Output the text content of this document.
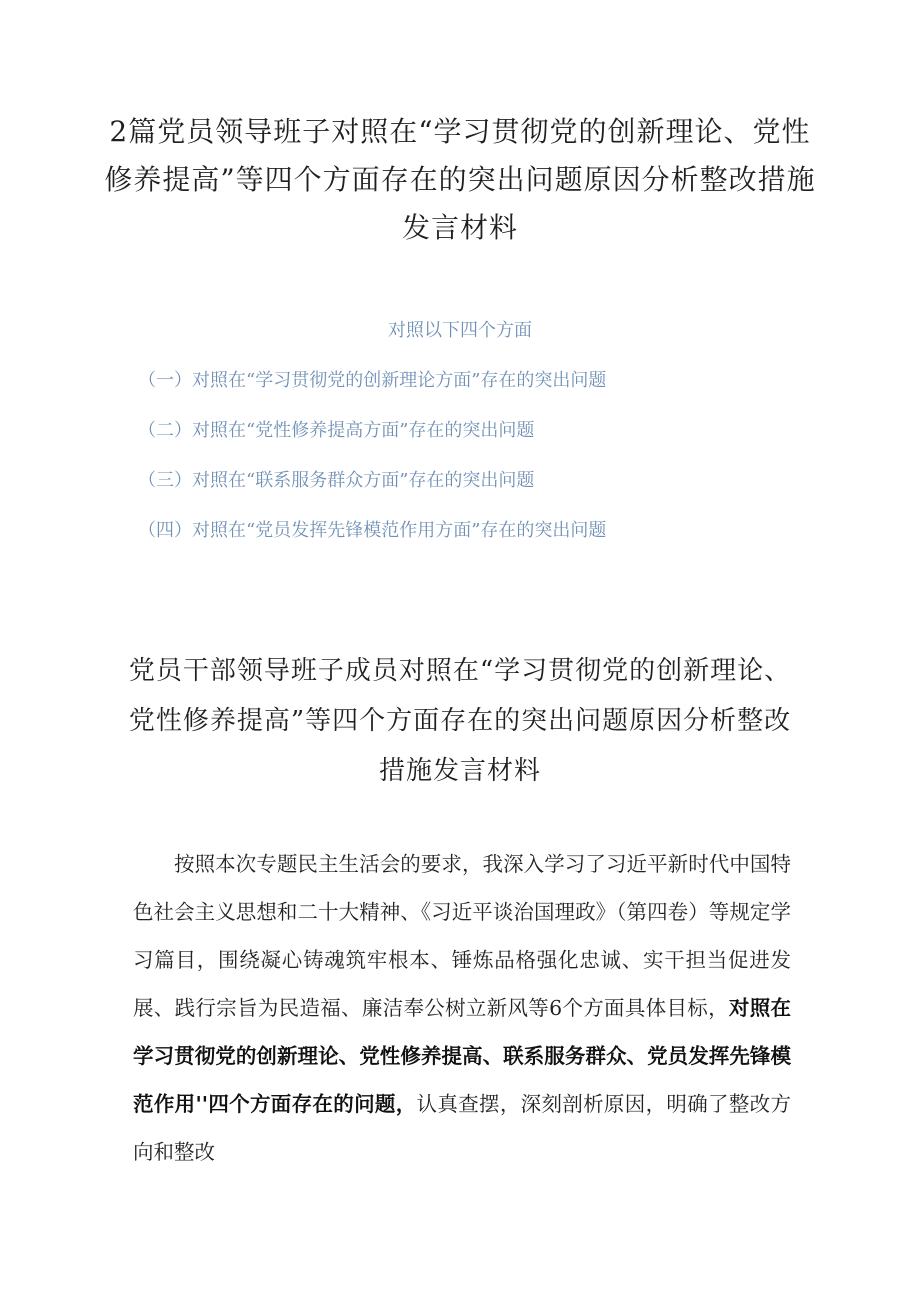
2篇党员领导班子对照在“学习贯彻党的创新理论、党性修养提高”等四个方面存在的突出问题原因分析整改措施发言材料
对照以下四个方面
（一）对照在“学习贯彻党的创新理论方面”存在的突出问题
（二）对照在“党性修养提高方面”存在的突出问题
（三）对照在“联系服务群众方面”存在的突出问题
（四）对照在“党员发挥先锋模范作用方面”存在的突出问题
党员干部领导班子成员对照在“学习贯彻党的创新理论、党性修养提高”等四个方面存在的突出问题原因分析整改措施发言材料

按照本次专题民主生活会的要求，我深入学习了习近平新时代中国特色社会主义思想和二十大精神、《习近平谈治国理政》（第四卷）等规定学习篇目，围绕凝心铸魂筑牢根本、锤炼品格强化忠诚、实干担当促进发展、践行宗旨为民造福、廉洁奉公树立新风等6个方面具体目标，对照在学习贯彻党的创新理论、党性修养提高、联系服务群众、党员发挥先锋模范作用''四个方面存在的问题，认真查摆，深刻剖析原因，明确了整改方向和整改
